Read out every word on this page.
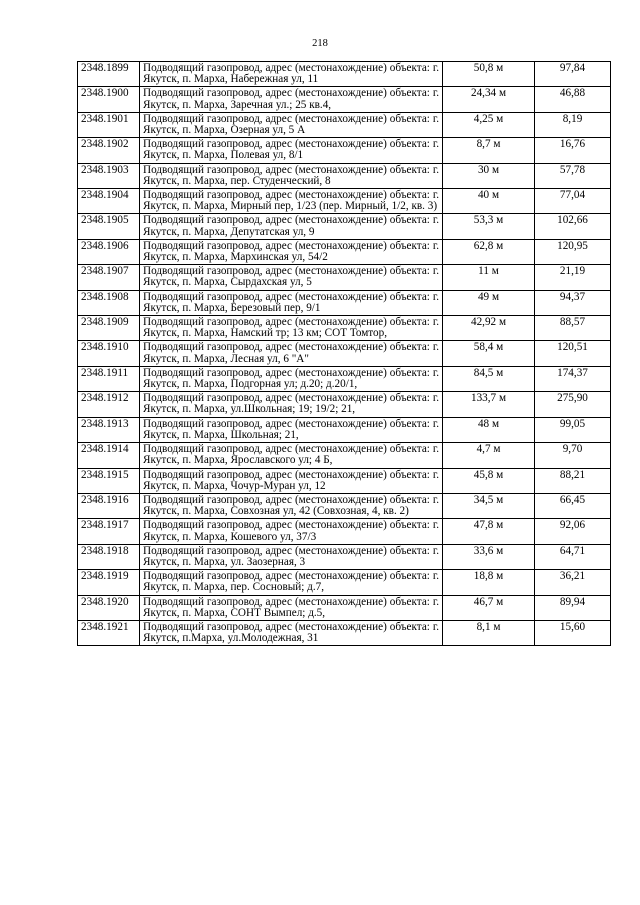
218
2348.1899	Подводящий газопровод, адрес (местонахождение) объекта: г. Якутск, п. Марха, Набережная ул, 11	50,8 м	97,84
2348.1900	Подводящий газопровод, адрес (местонахождение) объекта: г. Якутск, п. Марха, Заречная ул.; 25 кв.4,	24,34 м	46,88
2348.1901	Подводящий газопровод, адрес (местонахождение) объекта: г. Якутск, п. Марха, Озерная ул, 5 А	4,25 м	8,19
2348.1902	Подводящий газопровод, адрес (местонахождение) объекта: г. Якутск, п. Марха, Полевая ул, 8/1	8,7 м	16,76
2348.1903	Подводящий газопровод, адрес (местонахождение) объекта: г. Якутск, п. Марха, пер. Студенческий, 8	30 м	57,78
2348.1904	Подводящий газопровод, адрес (местонахождение) объекта: г. Якутск, п. Марха, Мирный пер, 1/23 (пер. Мирный, 1/2, кв. 3)	40 м	77,04
2348.1905	Подводящий газопровод, адрес (местонахождение) объекта: г. Якутск, п. Марха, Депутатская ул, 9	53,3 м	102,66
2348.1906	Подводящий газопровод, адрес (местонахождение) объекта: г. Якутск, п. Марха, Мархинская ул, 54/2	62,8 м	120,95
2348.1907	Подводящий газопровод, адрес (местонахождение) объекта: г. Якутск, п. Марха, Сырдахская ул, 5	11 м	21,19
2348.1908	Подводящий газопровод, адрес (местонахождение) объекта: г. Якутск, п. Марха, Березовый пер, 9/1	49 м	94,37
2348.1909	Подводящий газопровод, адрес (местонахождение) объекта: г. Якутск, п. Марха, Намский тр; 13 км; СОТ Томтор,	42,92 м	88,57
2348.1910	Подводящий газопровод, адрес (местонахождение) объекта: г. Якутск, п. Марха, Лесная ул, 6 "А"	58,4 м	120,51
2348.1911	Подводящий газопровод, адрес (местонахождение) объекта: г. Якутск, п. Марха, Подгорная ул; д.20; д.20/1,	84,5 м	174,37
2348.1912	Подводящий газопровод, адрес (местонахождение) объекта: г. Якутск, п. Марха, ул.Школьная; 19; 19/2; 21,	133,7 м	275,90
2348.1913	Подводящий газопровод, адрес (местонахождение) объекта: г. Якутск, п. Марха, Школьная; 21,	48 м	99,05
2348.1914	Подводящий газопровод, адрес (местонахождение) объекта: г. Якутск, п. Марха, Ярославского ул; 4 Б,	4,7 м	9,70
2348.1915	Подводящий газопровод, адрес (местонахождение) объекта: г. Якутск, п. Марха, Чочур-Муран ул, 12	45,8 м	88,21
2348.1916	Подводящий газопровод, адрес (местонахождение) объекта: г. Якутск, п. Марха, Совхозная ул, 42 (Совхозная, 4, кв. 2)	34,5 м	66,45
2348.1917	Подводящий газопровод, адрес (местонахождение) объекта: г. Якутск, п. Марха, Кошевого ул, 37/3	47,8 м	92,06
2348.1918	Подводящий газопровод, адрес (местонахождение) объекта: г. Якутск, п. Марха, ул. Заозерная, 3	33,6 м	64,71
2348.1919	Подводящий газопровод, адрес (местонахождение) объекта: г. Якутск, п. Марха, пер. Сосновый; д.7,	18,8 м	36,21
2348.1920	Подводящий газопровод, адрес (местонахождение) объекта: г. Якутск, п. Марха, СОНТ Вымпел; д.5,	46,7 м	89,94
2348.1921	Подводящий газопровод, адрес (местонахождение) объекта: г. Якутск, п.Марха, ул.Молодежная, 31	8,1 м	15,60
